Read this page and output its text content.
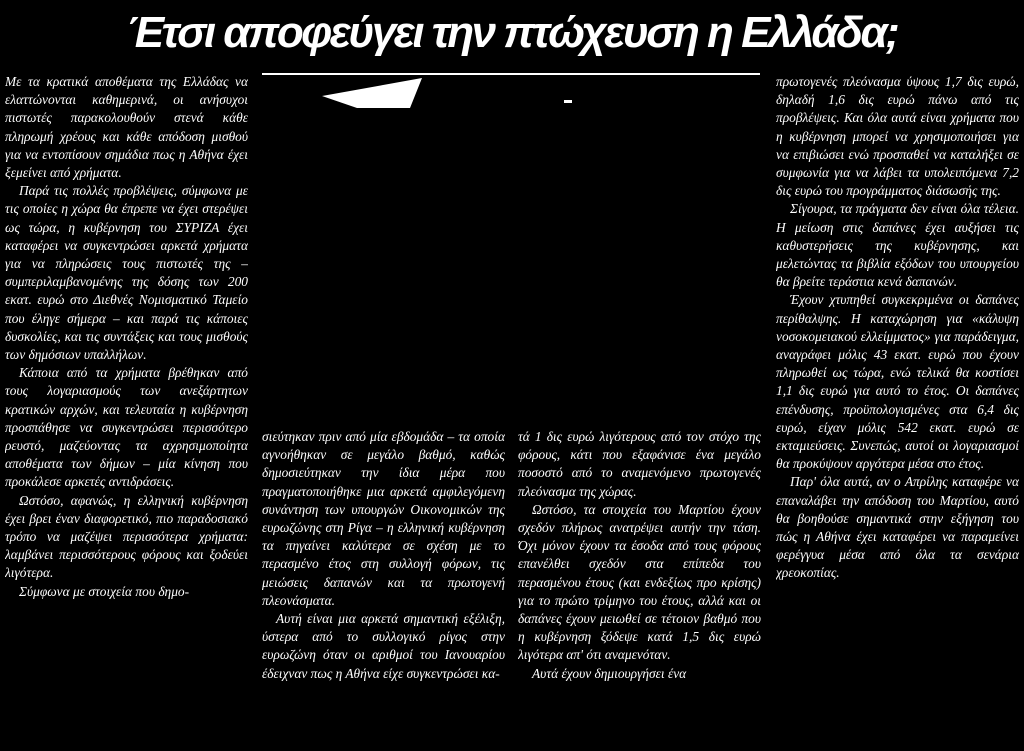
Έτσι αποφεύγει την πτώχευση η Ελλάδα;

Με τα κρατικά αποθέματα της Ελλάδας να ελαττώνονται καθημερινά, οι ανήσυχοι πιστωτές παρακολουθούν στενά κάθε πληρωμή χρέους και κάθε απόδοση μισθού για να εντοπίσουν σημάδια πως η Αθήνα έχει ξεμείνει από χρήματα.

Παρά τις πολλές προβλέψεις, σύμφωνα με τις οποίες η χώρα θα έπρεπε να έχει στερέψει ως τώρα, η κυβέρνηση του ΣΥΡΙΖΑ έχει καταφέρει να συγκεντρώσει αρκετά χρήματα για να πληρώσεις τους πιστωτές της – συμπεριλαμβανομένης της δόσης των 200 εκατ. ευρώ στο Διεθνές Νομισματικό Ταμείο που έληγε σήμερα – και παρά τις κάποιες δυσκολίες, και τις συντάξεις και τους μισθούς των δημόσιων υπαλλήλων.

Κάποια από τα χρήματα βρέθηκαν από τους λογαριασμούς των ανεξάρτητων κρατικών αρχών, και τελευταία η κυβέρνηση προσπάθησε να συγκεντρώσει περισσότερο ρευστό, μαζεύοντας τα αχρησιμοποίητα αποθέματα των δήμων – μία κίνηση που προκάλεσε αρκετές αντιδράσεις.

Ωστόσο, αφανώς, η ελληνική κυβέρνηση έχει βρει έναν διαφορετικό, πιο παραδοσιακό τρόπο να μαζέψει περισσότερα χρήματα: λαμβάνει περισσότερους φόρους και ξοδεύει λιγότερα.

Σύμφωνα με στοιχεία που δημο-

σιεύτηκαν πριν από μία εβδομάδα – τα οποία αγνοήθηκαν σε μεγάλο βαθμό, καθώς δημοσιεύτηκαν την ίδια μέρα που πραγματοποιήθηκε μια αρκετά αμφιλεγόμενη συνάντηση των υπουργών Οικονομικών της ευρωζώνης στη Ρίγα – η ελληνική κυβέρνηση τα πηγαίνει καλύτερα σε σχέση με το περασμένο έτος στη συλλογή φόρων, τις μειώσεις δαπανών και τα πρωτογενή πλεονάσματα.

Αυτή είναι μια αρκετά σημαντική εξέλιξη, ύστερα από το συλλογικό ρίγος στην ευρωζώνη όταν οι αριθμοί του Ιανουαρίου έδειχναν πως η Αθήνα είχε συγκεντρώσει κα-

τά 1 δις ευρώ λιγότερους από τον στόχο της φόρους, κάτι που εξαφάνισε ένα μεγάλο ποσοστό από το αναμενόμενο πρωτογενές πλεόνασμα της χώρας.

Ωστόσο, τα στοιχεία του Μαρτίου έχουν σχεδόν πλήρως ανατρέψει αυτήν την τάση. Όχι μόνον έχουν τα έσοδα από τους φόρους επανέλθει σχεδόν στα επίπεδα του περασμένου έτους (και ενδεξίως προ κρίσης) για το πρώτο τρίμηνο του έτους, αλλά και οι δαπάνες έχουν μειωθεί σε τέτοιον βαθμό που η κυβέρνηση ξόδεψε κατά 1,5 δις ευρώ λιγότερα απ' ότι αναμενόταν.

Αυτά έχουν δημιουργήσει ένα

πρωτογενές πλεόνασμα ύψους 1,7 δις ευρώ, δηλαδή 1,6 δις ευρώ πάνω από τις προβλέψεις. Και όλα αυτά είναι χρήματα που η κυβέρνηση μπορεί να χρησιμοποιήσει για να επιβιώσει ενώ προσπαθεί να καταλήξει σε συμφωνία για να λάβει τα υπολειπόμενα 7,2 δις ευρώ του προγράμματος διάσωσής της.

Σίγουρα, τα πράγματα δεν είναι όλα τέλεια. Η μείωση στις δαπάνες έχει αυξήσει τις καθυστερήσεις της κυβέρνησης, και μελετώντας τα βιβλία εξόδων του υπουργείου θα βρείτε τεράστια κενά δαπανών.

Έχουν χτυπηθεί συγκεκριμένα οι δαπάνες περίθαλψης. Η καταχώρηση για «κάλυψη νοσοκομειακού ελλείμματος» για παράδειγμα, αναγράφει μόλις 43 εκατ. ευρώ που έχουν πληρωθεί ως τώρα, ενώ τελικά θα κοστίσει 1,1 δις ευρώ για αυτό το έτος. Οι δαπάνες επένδυσης, προϋπολογισμένες στα 6,4 δις ευρώ, είχαν μόλις 542 εκατ. ευρώ σε εκταμιεύσεις. Συνεπώς, αυτοί οι λογαριασμοί θα προκύψουν αργότερα μέσα στο έτος.

Παρ' όλα αυτά, αν ο Απρίλης καταφέρε να επαναλάβει την απόδοση του Μαρτίου, αυτό θα βοηθούσε σημαντικά στην εξήγηση του πώς η Αθήνα έχει καταφέρει να παραμείνει φερέγγυα μέσα από όλα τα σενάρια χρεοκοπίας.
